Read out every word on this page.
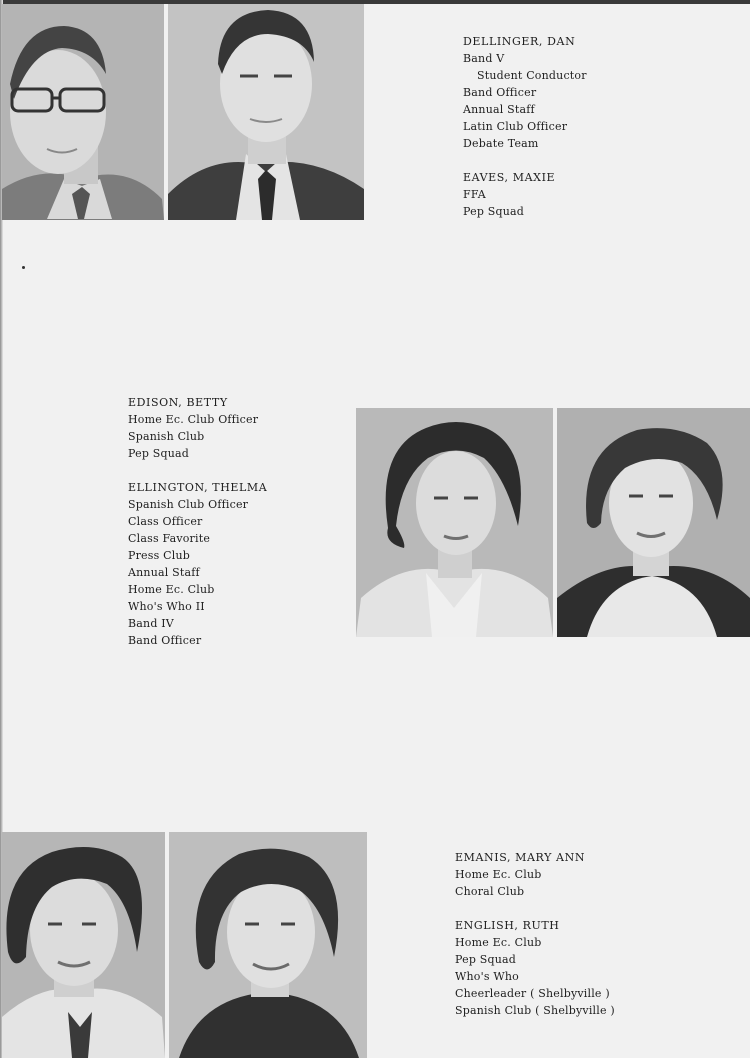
DELLINGER, DAN
Band V
Student Conductor
Band Officer
Annual Staff
Latin Club Officer
Debate Team
EAVES, MAXIE
FFA
Pep Squad
EDISON, BETTY
Home Ec. Club Officer
Spanish Club
Pep Squad
ELLINGTON, THELMA
Spanish Club Officer
Class Officer
Class Favorite
Press Club
Annual Staff
Home Ec. Club
Who's Who II
Band IV
Band Officer
EMANIS, MARY ANN
Home Ec. Club
Choral Club
ENGLISH, RUTH
Home Ec. Club
Pep Squad
Who's Who
Cheerleader ( Shelbyville )
Spanish Club ( Shelbyville )
